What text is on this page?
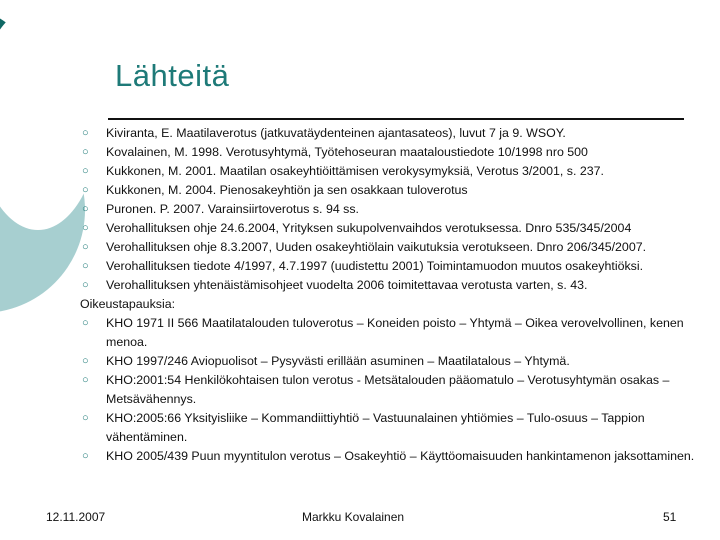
Lähteitä
○ Kiviranta, E. Maatilaverotus (jatkuvatäydenteinen ajantasateos), luvut 7 ja 9. WSOY.
○ Kovalainen, M. 1998. Verotusyhtymä, Työtehoseuran maataloustiedote 10/1998 nro 500
○ Kukkonen, M. 2001. Maatilan osakeyhtiöittämisen verokysymyksiä, Verotus 3/2001, s. 237.
○ Kukkonen, M. 2004. Pienosakeyhtiön ja sen osakkaan tuloverotus
○ Puronen. P. 2007. Varainsiirtoverotus s. 94 ss.
○ Verohallituksen ohje 24.6.2004, Yrityksen sukupolvenvaihdos verotuksessa. Dnro 535/345/2004
○ Verohallituksen ohje 8.3.2007, Uuden osakeyhtiölain vaikutuksia verotukseen. Dnro 206/345/2007.
○ Verohallituksen tiedote 4/1997, 4.7.1997 (uudistettu 2001) Toimintamuodon muutos osakeyhtiöksi.
○ Verohallituksen yhtenäistämisohjeet vuodelta 2006 toimitettavaa verotusta varten, s. 43.
Oikeustapauksia:
○ KHO 1971 II 566 Maatilatalouden tuloverotus – Koneiden poisto – Yhtymä – Oikea verovelvollinen, kenen menoa.
○ KHO 1997/246 Aviopuolisot – Pysyvästi erillään asuminen – Maatilatalous – Yhtymä.
○ KHO:2001:54 Henkilökohtaisen tulon verotus - Metsätalouden pääomatulo – Verotusyhtymän osakas – Metsävähennys.
○ KHO:2005:66 Yksityisliike – Kommandiittiyhtiö – Vastuunalainen yhtiömies – Tulo-osuus – Tappion vähentäminen.
○ KHO 2005/439 Puun myyntitulon verotus – Osakeyhtiö – Käyttöomaisuuden hankintamenon jaksottaminen.
12.11.2007	Markku Kovalainen	51
